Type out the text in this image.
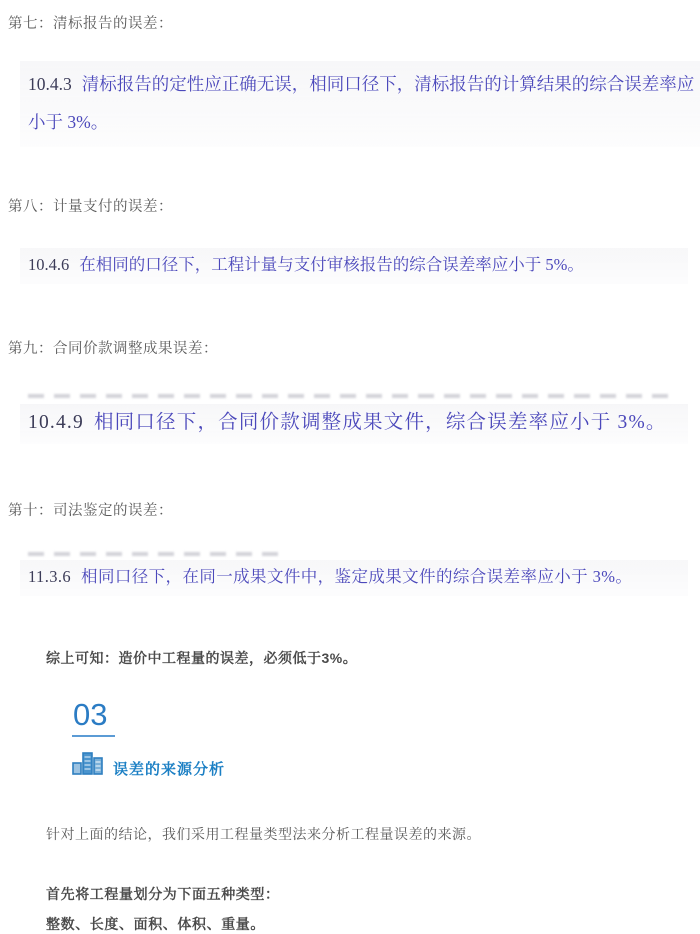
第七：清标报告的误差：

10.4.3 清标报告的定性应正确无误，相同口径下，清标报告的计算结果的综合误差率应小于 3%。

第八：计量支付的误差：

10.4.6 在相同的口径下，工程计量与支付审核报告的综合误差率应小于 5%。

第九：合同价款调整成果误差：

10.4.9 相同口径下，合同价款调整成果文件，综合误差率应小于 3%。

第十：司法鉴定的误差：

11.3.6 相同口径下，在同一成果文件中，鉴定成果文件的综合误差率应小于 3%。

综上可知：造价中工程量的误差，必须低于3%。

03
误差的来源分析

针对上面的结论，我们采用工程量类型法来分析工程量误差的来源。

首先将工程量划分为下面五种类型：

整数、长度、面积、体积、重量。
